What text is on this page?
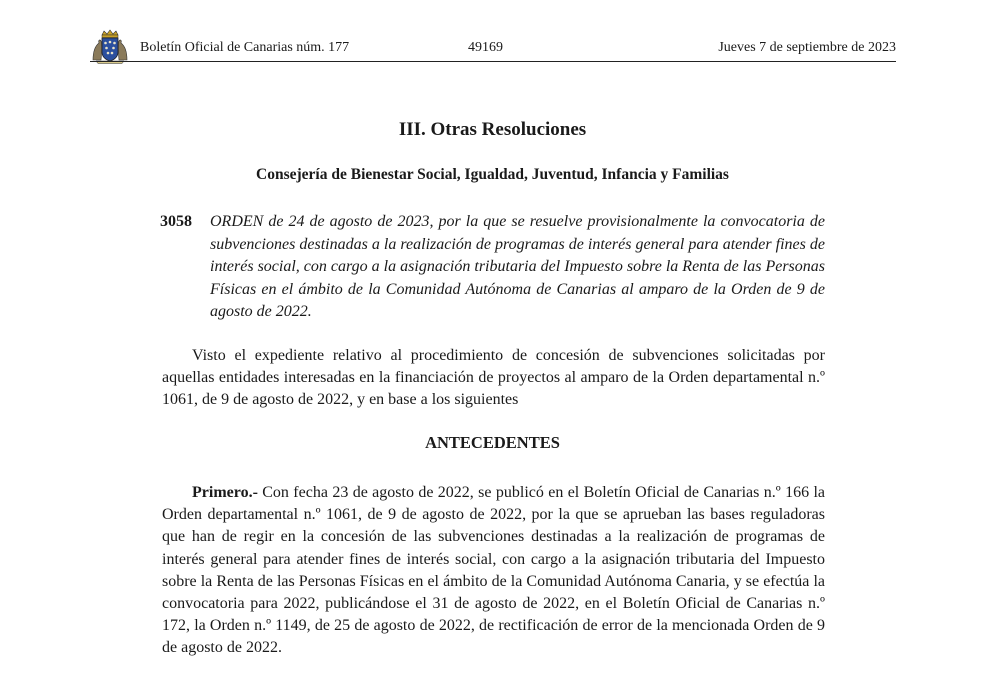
Boletín Oficial de Canarias núm. 177	49169	Jueves 7 de septiembre de 2023
III. Otras Resoluciones
Consejería de Bienestar Social, Igualdad, Juventud, Infancia y Familias
3058 ORDEN de 24 de agosto de 2023, por la que se resuelve provisionalmente la convocatoria de subvenciones destinadas a la realización de programas de interés general para atender fines de interés social, con cargo a la asignación tributaria del Impuesto sobre la Renta de las Personas Físicas en el ámbito de la Comunidad Autónoma de Canarias al amparo de la Orden de 9 de agosto de 2022.

Visto el expediente relativo al procedimiento de concesión de subvenciones solicitadas por aquellas entidades interesadas en la financiación de proyectos al amparo de la Orden departamental n.º 1061, de 9 de agosto de 2022, y en base a los siguientes

ANTECEDENTES

Primero.- Con fecha 23 de agosto de 2022, se publicó en el Boletín Oficial de Canarias n.º 166 la Orden departamental n.º 1061, de 9 de agosto de 2022, por la que se aprueban las bases reguladoras que han de regir en la concesión de las subvenciones destinadas a la realización de programas de interés general para atender fines de interés social, con cargo a la asignación tributaria del Impuesto sobre la Renta de las Personas Físicas en el ámbito de la Comunidad Autónoma Canaria, y se efectúa la convocatoria para 2022, publicándose el 31 de agosto de 2022, en el Boletín Oficial de Canarias n.º 172, la Orden n.º 1149, de 25 de agosto de 2022, de rectificación de error de la mencionada Orden de 9 de agosto de 2022.
